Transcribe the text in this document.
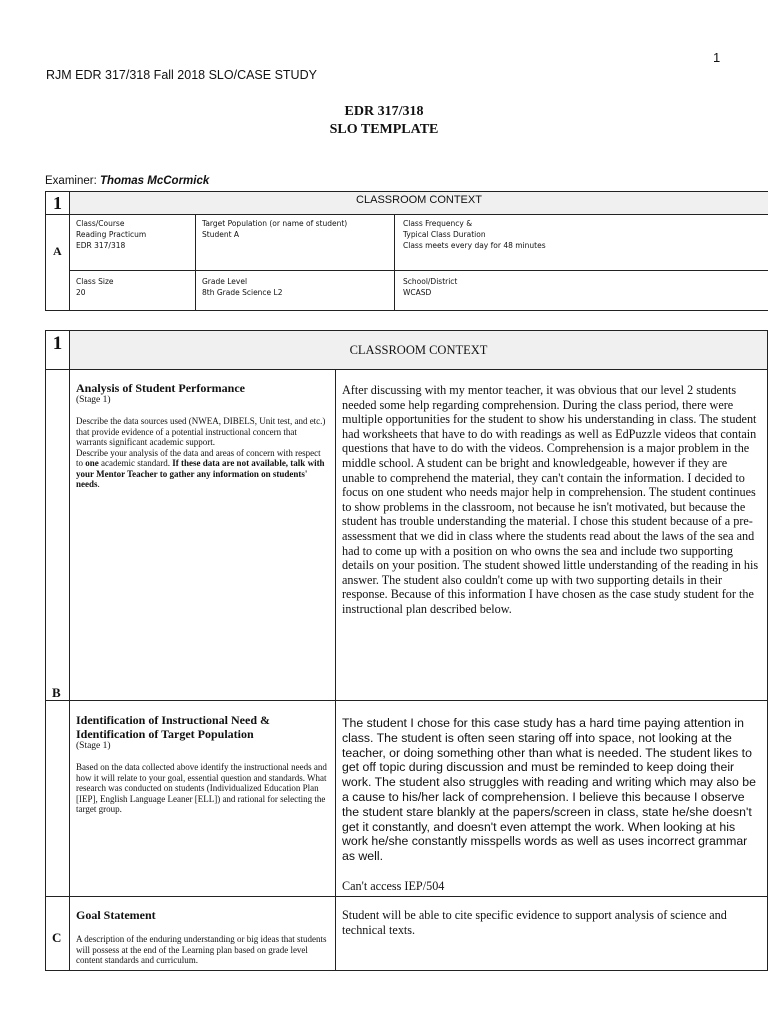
1
RJM EDR 317/318 Fall 2018 SLO/CASE STUDY
EDR 317/318
SLO TEMPLATE
Examiner: Thomas McCormick
1	CLASSROOM CONTEXT
A
Class/Course
Reading Practicum
EDR 317/318
Target Population (or name of student)
Student A
Class Frequency &
Typical Class Duration
Class meets every day for 48 minutes
Class Size
20
Grade Level
8th Grade Science L2
School/District
WCASD
1	CLASSROOM CONTEXT
B
Analysis of Student Performance
(Stage 1)
Describe the data sources used (NWEA, DIBELS, Unit test, and etc.) that provide evidence of a potential instructional concern that warrants significant academic support.
Describe your analysis of the data and areas of concern with respect to one academic standard. If these data are not available, talk with your Mentor Teacher to gather any information on students' needs.
After discussing with my mentor teacher, it was obvious that our level 2 students needed some help regarding comprehension. During the class period, there were multiple opportunities for the student to show his understanding in class. The student had worksheets that have to do with readings as well as EdPuzzle videos that contain questions that have to do with the videos. Comprehension is a major problem in the middle school. A student can be bright and knowledgeable, however if they are unable to comprehend the material, they can't contain the information. I decided to focus on one student who needs major help in comprehension. The student continues to show problems in the classroom, not because he isn't motivated, but because the student has trouble understanding the material. I chose this student because of a pre-assessment that we did in class where the students read about the laws of the sea and had to come up with a position on who owns the sea and include two supporting details on your position. The student showed little understanding of the reading in his answer. The student also couldn't come up with two supporting details in their response. Because of this information I have chosen as the case study student for the instructional plan described below.
Identification of Instructional Need &
Identification of Target Population
(Stage 1)
Based on the data collected above identify the instructional needs and how it will relate to your goal, essential question and standards. What research was conducted on students (Individualized Education Plan [IEP], English Language Leaner [ELL]) and rational for selecting the target group.
The student I chose for this case study has a hard time paying attention in class. The student is often seen staring off into space, not looking at the teacher, or doing something other than what is needed. The student likes to get off topic during discussion and must be reminded to keep doing their work. The student also struggles with reading and writing which may also be a cause to his/her lack of comprehension. I believe this because I observe the student stare blankly at the papers/screen in class, state he/she doesn't get it constantly, and doesn't even attempt the work. When looking at his work he/she constantly misspells words as well as uses incorrect grammar as well.
Can't access IEP/504
C
Goal Statement
A description of the enduring understanding or big ideas that students will possess at the end of the Learning plan based on grade level content standards and curriculum.
Student will be able to cite specific evidence to support analysis of science and technical texts.
